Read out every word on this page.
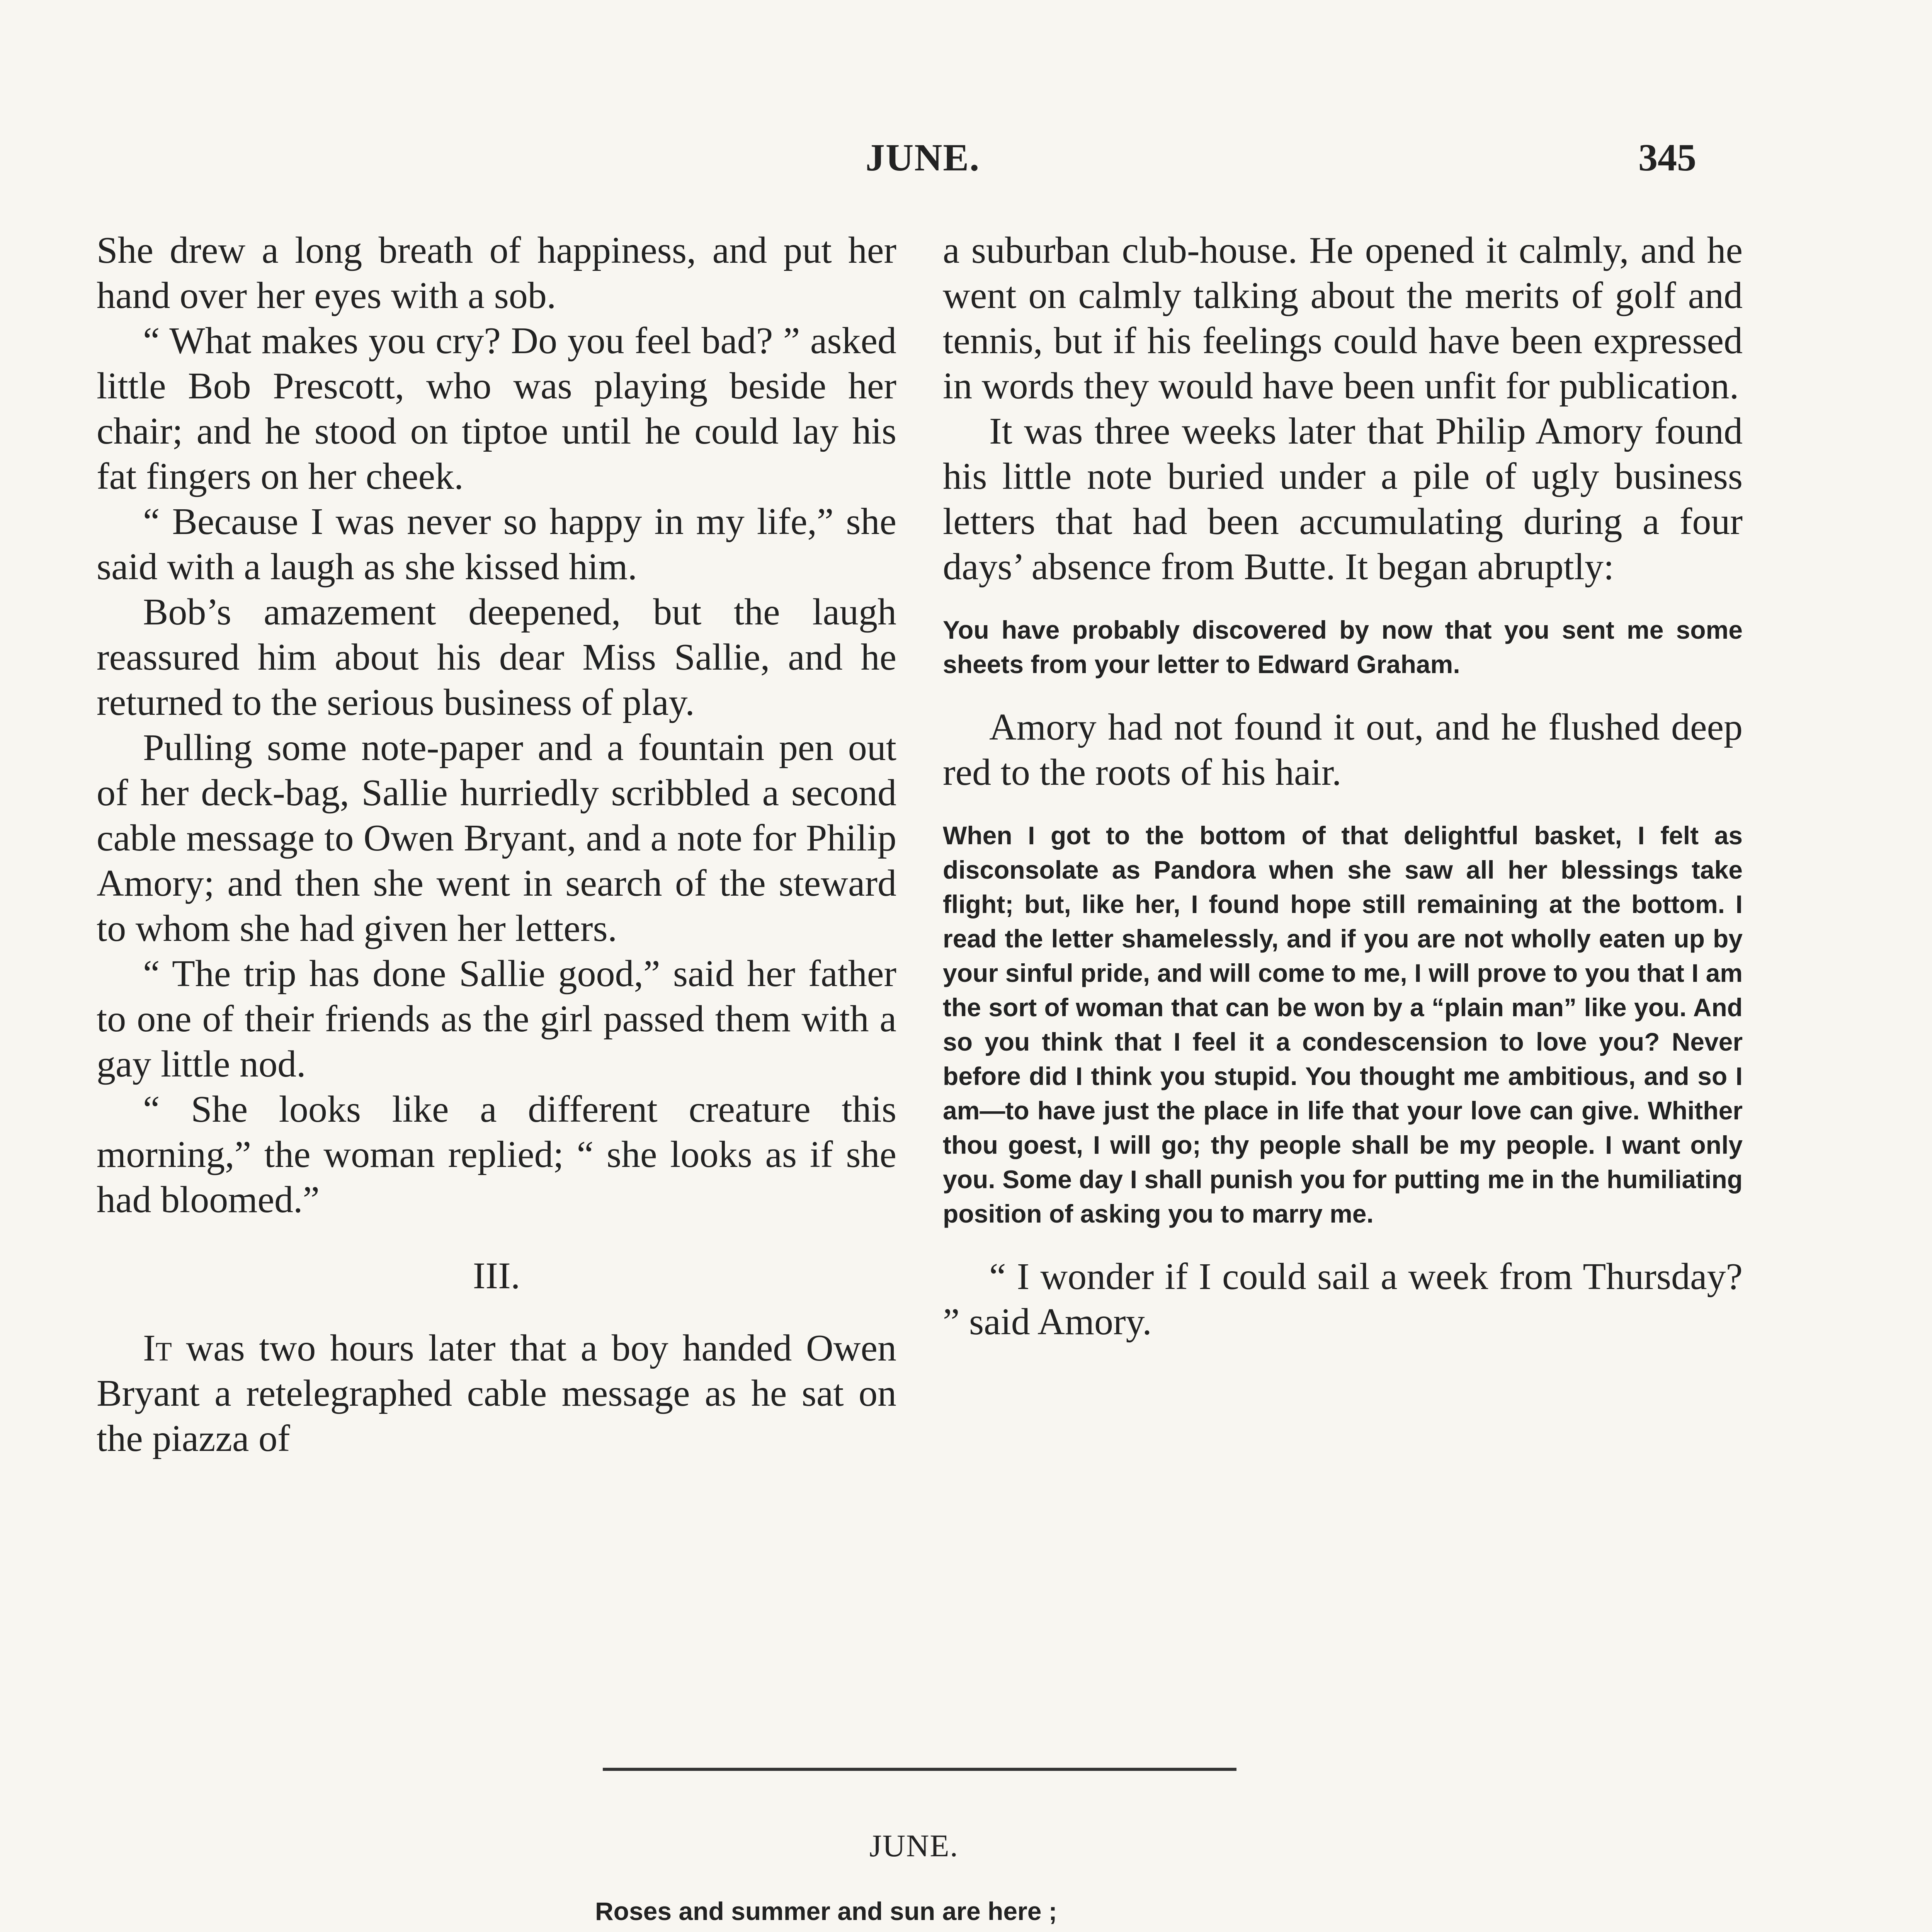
JUNE.	345

She drew a long breath of happiness, and put her hand over her eyes with a sob.

“ What makes you cry? Do you feel bad? ” asked little Bob Prescott, who was playing beside her chair; and he stood on tiptoe until he could lay his fat fingers on her cheek.

“ Because I was never so happy in my life,” she said with a laugh as she kissed him.

Bob’s amazement deepened, but the laugh reassured him about his dear Miss Sallie, and he returned to the serious business of play.

Pulling some note-paper and a fountain pen out of her deck-bag, Sallie hurriedly scribbled a second cable message to Owen Bryant, and a note for Philip Amory; and then she went in search of the steward to whom she had given her letters.

“ The trip has done Sallie good,” said her father to one of their friends as the girl passed them with a gay little nod.

“ She looks like a different creature this morning,” the woman replied; “ she looks as if she had bloomed.”

III.

It was two hours later that a boy handed Owen Bryant a retelegraphed cable message as he sat on the piazza of

a suburban club-house. He opened it calmly, and he went on calmly talking about the merits of golf and tennis, but if his feelings could have been expressed in words they would have been unfit for publication.

It was three weeks later that Philip Amory found his little note buried under a pile of ugly business letters that had been accumulating during a four days’ absence from Butte. It began abruptly:

You have probably discovered by now that you sent me some sheets from your letter to Edward Graham.

Amory had not found it out, and he flushed deep red to the roots of his hair.

When I got to the bottom of that delightful basket, I felt as disconsolate as Pandora when she saw all her blessings take flight; but, like her, I found hope still remaining at the bottom. I read the letter shamelessly, and if you are not wholly eaten up by your sinful pride, and will come to me, I will prove to you that I am the sort of woman that can be won by a “plain man” like you. And so you think that I feel it a condescension to love you? Never before did I think you stupid. You thought me ambitious, and so I am—to have just the place in life that your love can give. Whither thou goest, I will go; thy people shall be my people. I want only you. Some day I shall punish you for putting me in the humiliating position of asking you to marry me.

“ I wonder if I could sail a week from Thursday? ” said Amory.

JUNE.
Roses and summer and sun are here ;
